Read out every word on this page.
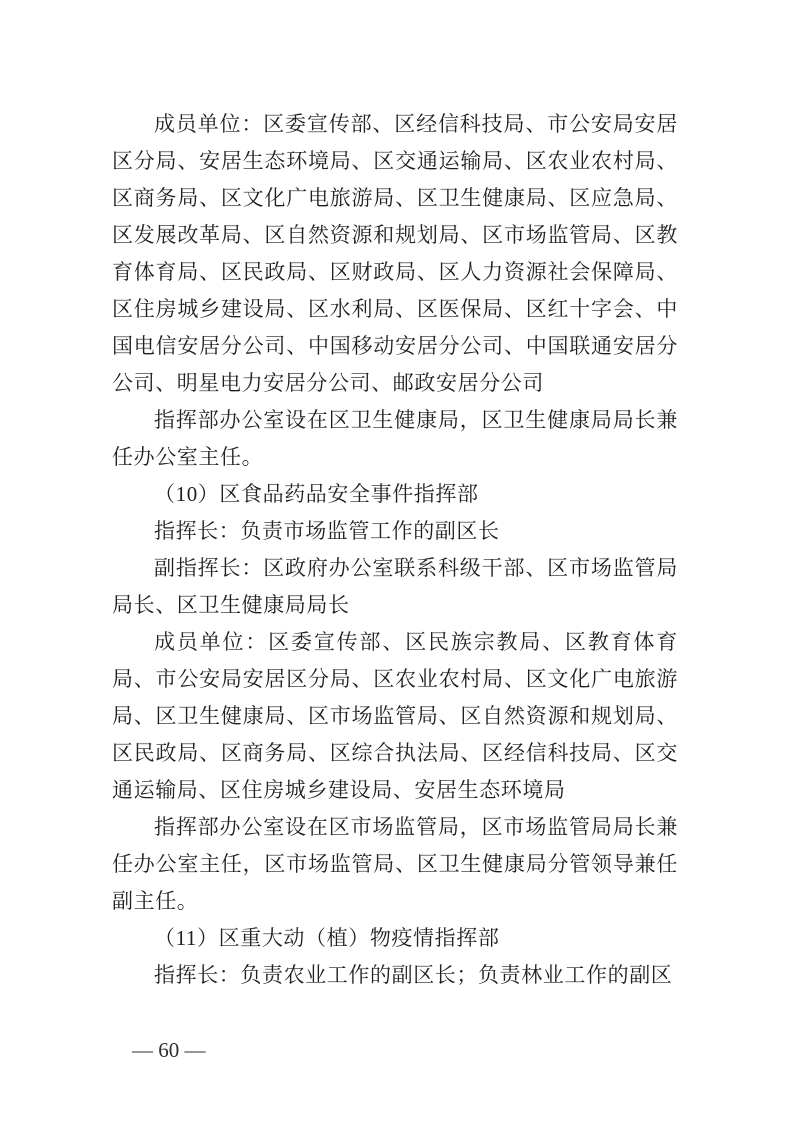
成员单位：区委宣传部、区经信科技局、市公安局安居区分局、安居生态环境局、区交通运输局、区农业农村局、区商务局、区文化广电旅游局、区卫生健康局、区应急局、区发展改革局、区自然资源和规划局、区市场监管局、区教育体育局、区民政局、区财政局、区人力资源社会保障局、区住房城乡建设局、区水利局、区医保局、区红十字会、中国电信安居分公司、中国移动安居分公司、中国联通安居分公司、明星电力安居分公司、邮政安居分公司

指挥部办公室设在区卫生健康局，区卫生健康局局长兼任办公室主任。

（10）区食品药品安全事件指挥部

指挥长：负责市场监管工作的副区长

副指挥长：区政府办公室联系科级干部、区市场监管局局长、区卫生健康局局长

成员单位：区委宣传部、区民族宗教局、区教育体育局、市公安局安居区分局、区农业农村局、区文化广电旅游局、区卫生健康局、区市场监管局、区自然资源和规划局、区民政局、区商务局、区综合执法局、区经信科技局、区交通运输局、区住房城乡建设局、安居生态环境局

指挥部办公室设在区市场监管局，区市场监管局局长兼任办公室主任，区市场监管局、区卫生健康局分管领导兼任副主任。

（11）区重大动（植）物疫情指挥部

指挥长：负责农业工作的副区长；负责林业工作的副区

— 60 —
